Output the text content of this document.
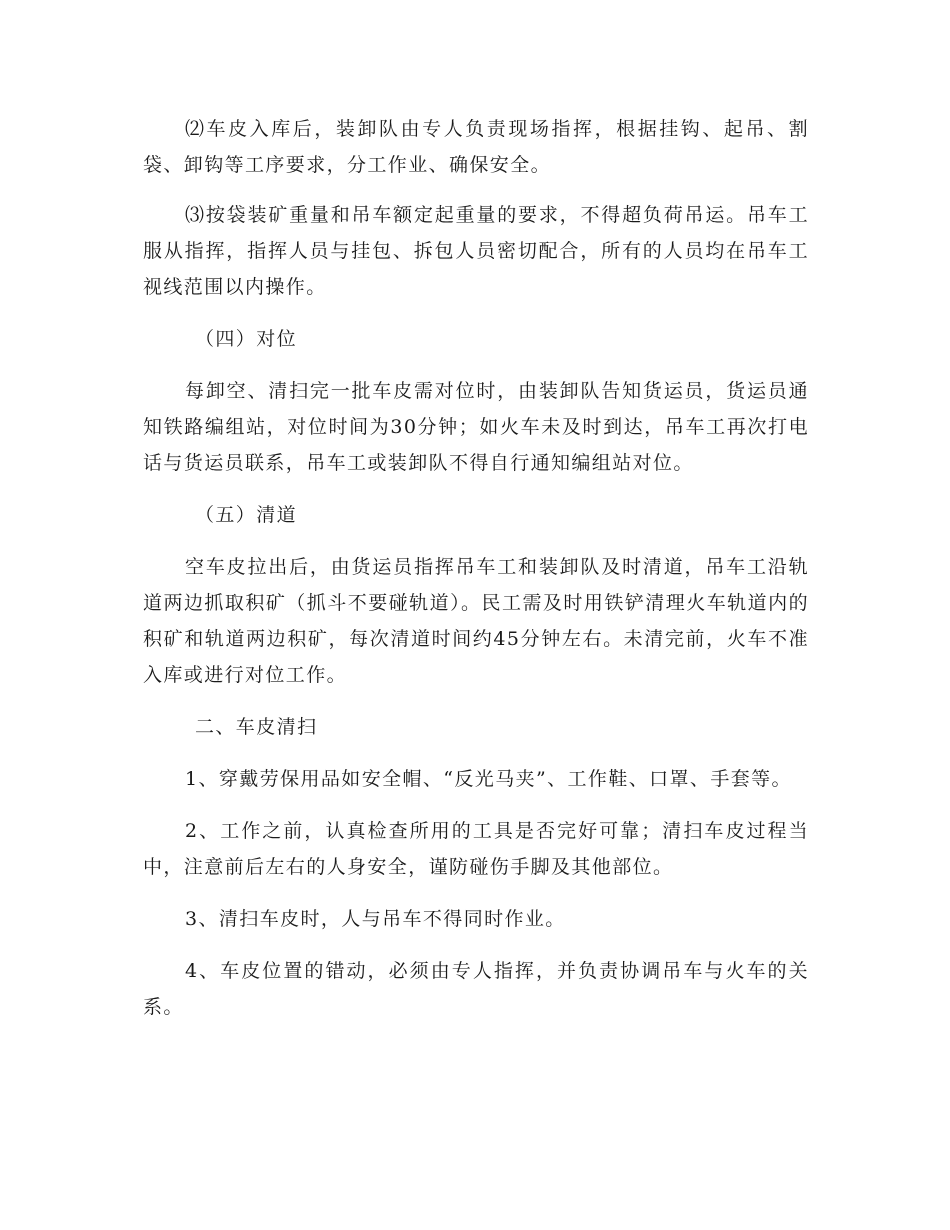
⑵车皮入库后，装卸队由专人负责现场指挥，根据挂钩、起吊、割袋、卸钩等工序要求，分工作业、确保安全。

⑶按袋装矿重量和吊车额定起重量的要求，不得超负荷吊运。吊车工服从指挥，指挥人员与挂包、拆包人员密切配合，所有的人员均在吊车工视线范围以内操作。

（四）对位

每卸空、清扫完一批车皮需对位时，由装卸队告知货运员，货运员通知铁路编组站，对位时间为30分钟；如火车未及时到达，吊车工再次打电话与货运员联系，吊车工或装卸队不得自行通知编组站对位。

（五）清道

空车皮拉出后，由货运员指挥吊车工和装卸队及时清道，吊车工沿轨道两边抓取积矿（抓斗不要碰轨道）。民工需及时用铁铲清理火车轨道内的积矿和轨道两边积矿，每次清道时间约45分钟左右。未清完前，火车不准入库或进行对位工作。

二、车皮清扫

1、穿戴劳保用品如安全帽、“反光马夹”、工作鞋、口罩、手套等。

2、工作之前，认真检查所用的工具是否完好可靠；清扫车皮过程当中，注意前后左右的人身安全，谨防碰伤手脚及其他部位。

3、清扫车皮时，人与吊车不得同时作业。

4、车皮位置的错动，必须由专人指挥，并负责协调吊车与火车的关系。
